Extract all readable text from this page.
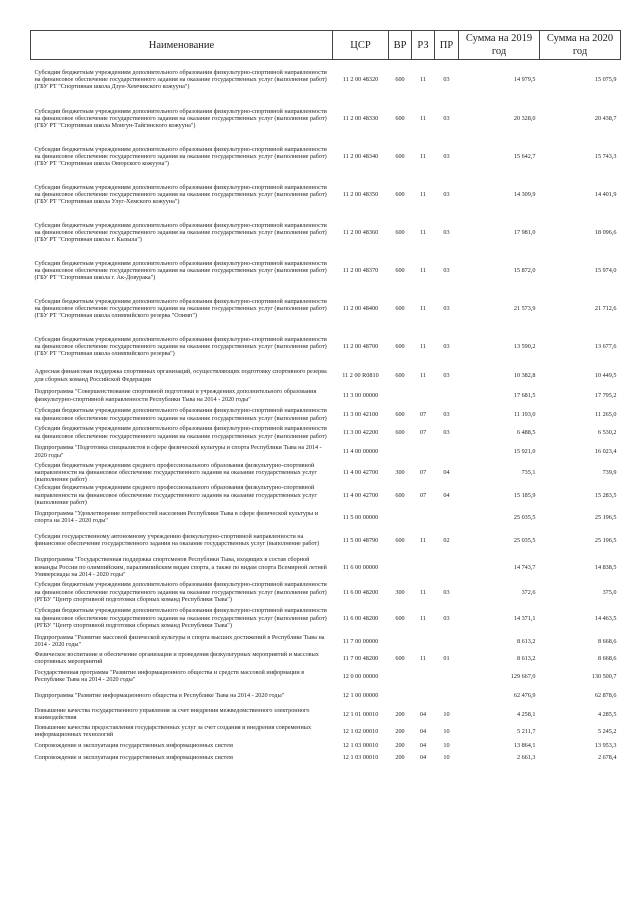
Наименование	ЦСР	ВР	РЗ	ПР	Сумма на 2019 год	Сумма на 2020 год
Субсидии бюджетным учреждениям дополнительного образования физкультурно-спортивной направленности на финансовое обеспечение государственного задания на оказание государственных услуг (выполнение работ) (ГБУ РТ "Спортивная школа Дзун-Хемчикского кожууна")	11 2 00 48320	600	11	03	14 979,5	15 075,9
Субсидии бюджетным учреждениям дополнительного образования физкультурно-спортивной направленности на финансовое обеспечение государственного задания на оказание государственных услуг (выполнение работ) (ГБУ РТ "Спортивная школа Монгун-Тайгинского кожууна")	11 2 00 48330	600	11	03	20 328,0	20 438,7
Субсидии бюджетным учреждениям дополнительного образования физкультурно-спортивной направленности на финансовое обеспечение государственного задания на оказание государственных услуг (выполнение работ) (ГБУ РТ "Спортивная школа Овюрского кожууна")	11 2 00 48340	600	11	03	15 642,7	15 743,3
Субсидии бюджетным учреждениям дополнительного образования физкультурно-спортивной направленности на финансовое обеспечение государственного задания на оказание государственных услуг (выполнение работ) (ГБУ РТ "Спортивная школа Улуг-Хемского кожууна")	11 2 00 48350	600	11	03	14 309,9	14 401,9
Субсидии бюджетным учреждениям дополнительного образования физкультурно-спортивной направленности на финансовое обеспечение государственного задания на оказание государственных услуг (выполнение работ) (ГБУ РТ "Спортивная школа г. Кызыла")	11 2 00 48360	600	11	03	17 981,0	18 096,6
Субсидии бюджетным учреждениям дополнительного образования физкультурно-спортивной направленности на финансовое обеспечение государственного задания на оказание государственных услуг (выполнение работ) (ГБУ РТ "Спортивная школа г. Ак-Довурака")	11 2 00 48370	600	11	03	15 872,0	15 974,0
Субсидии бюджетным учреждениям дополнительного образования физкультурно-спортивной направленности на финансовое обеспечение государственного задания на оказание государственных услуг (выполнение работ) (ГБУ РТ "Спортивная школа олимпийского резерва "Олимп")	11 2 00 48400	600	11	03	21 573,9	21 712,6
Субсидии бюджетным учреждениям дополнительного образования физкультурно-спортивной направленности на финансовое обеспечение государственного задания на оказание государственных услуг (выполнение работ) (ГБУ РТ "Спортивная школа олимпийского резерва")	11 2 00 48700	600	11	03	13 590,2	13 677,6
Адресная финансовая поддержка спортивных организаций, осуществляющих подготовку спортивного резерва для сборных команд Российской Федерации	11 2 00 R0810	600	11	03	10 382,8	10 449,5
Подпрограмма "Совершенствование спортивной подготовки в учреждениях дополнительного образования физкультурно-спортивной направленности Республики Тыва на 2014 - 2020 годы"	11 3 00 00000				17 681,5	17 795,2
Субсидии бюджетным учреждениям дополнительного образования физкультурно-спортивной направленности на финансовое обеспечение государственного задания на оказание государственных услуг (выполнение работ)	11 3 00 42100	600	07	03	11 193,0	11 265,0
Субсидии бюджетным учреждениям дополнительного образования физкультурно-спортивной направленности на финансовое обеспечение государственного задания на оказание государственных услуг (выполнение работ)	11 3 00 42200	600	07	03	6 488,5	6 530,2
Подпрограмма "Подготовка специалистов в сфере физической культуры и спорта Республики Тыва на 2014 - 2020 годы"	11 4 00 00000				15 921,0	16 023,4
Субсидии бюджетным учреждениям среднего профессионального образования физкультурно-спортивной направленности на финансовое обеспечение государственного задания на оказание государственных услуг (выполнение работ)	11 4 00 42700	300	07	04	735,1	739,9
Субсидии бюджетным учреждениям среднего профессионального образования физкультурно-спортивной направленности на финансовое обеспечение государственного задания на оказание государственных услуг (выполнение работ)	11 4 00 42700	600	07	04	15 185,9	15 283,5
Подпрограмма "Удовлетворение потребностей населения Республики Тыва в сфере физической культуры и спорта на 2014 - 2020 годы"	11 5 00 00000				25 035,5	25 196,5
Субсидии государственному автономному учреждению физкультурно-спортивной направленности на финансовое обеспечение государственного задания на оказание государственных услуг (выполнение работ)	11 5 00 48790	600	11	02	25 035,5	25 196,5
Подпрограмма "Государственная поддержка спортсменов Республики Тыва, входящих в состав сборной команды России по олимпийским, паралимпийским видам спорта, а также по видам спорта Всемирной летней Универсиады на 2014 - 2020 годы"	11 6 00 00000				14 743,7	14 838,5
Субсидии бюджетным учреждениям дополнительного образования физкультурно-спортивной направленности на финансовое обеспечение государственного задания на оказание государственных услуг (выполнение работ) (РГБУ "Центр спортивной подготовки сборных команд Республики Тыва")	11 6 00 48200	300	11	03	372,6	375,0
Субсидии бюджетным учреждениям дополнительного образования физкультурно-спортивной направленности на финансовое обеспечение государственного задания на оказание государственных услуг (выполнение работ) (РГБУ "Центр спортивной подготовки сборных команд Республики Тыва")	11 6 00 48200	600	11	03	14 371,1	14 463,5
Подпрограмма "Развитие массовой физической культуры и спорта высших достижений в Республике Тыва на 2014 - 2020 годы"	11 7 00 00000				8 613,2	8 668,6
Физическое воспитание и обеспечение организации и проведения физкультурных мероприятий и массовых спортивных мероприятий	11 7 00 48200	600	11	01	8 613,2	8 668,6
Государственная программа "Развитие информационного общества и средств массовой информации в Республике Тыва на 2014 - 2020 годы"	12 0 00 00000				129 667,0	130 500,7
Подпрограмма "Развитие информационного общества в Республике Тыва на 2014 - 2020 годы"	12 1 00 00000				62 476,9	62 878,6
Повышение качества государственного управления за счет внедрения межведомственного электронного взаимодействия	12 1 01 00010	200	04	10	4 258,1	4 285,5
Повышение качества предоставления государственных услуг за счет создания и внедрения современных информационных технологий	12 1 02 00010	200	04	10	5 211,7	5 245,2
Сопровождение и эксплуатация государственных информационных систем	12 1 03 00010	200	04	10	13 864,1	13 953,3
Сопровождение и эксплуатация государственных информационных систем	12 1 03 00010	200	04	10	2 661,3	2 678,4
